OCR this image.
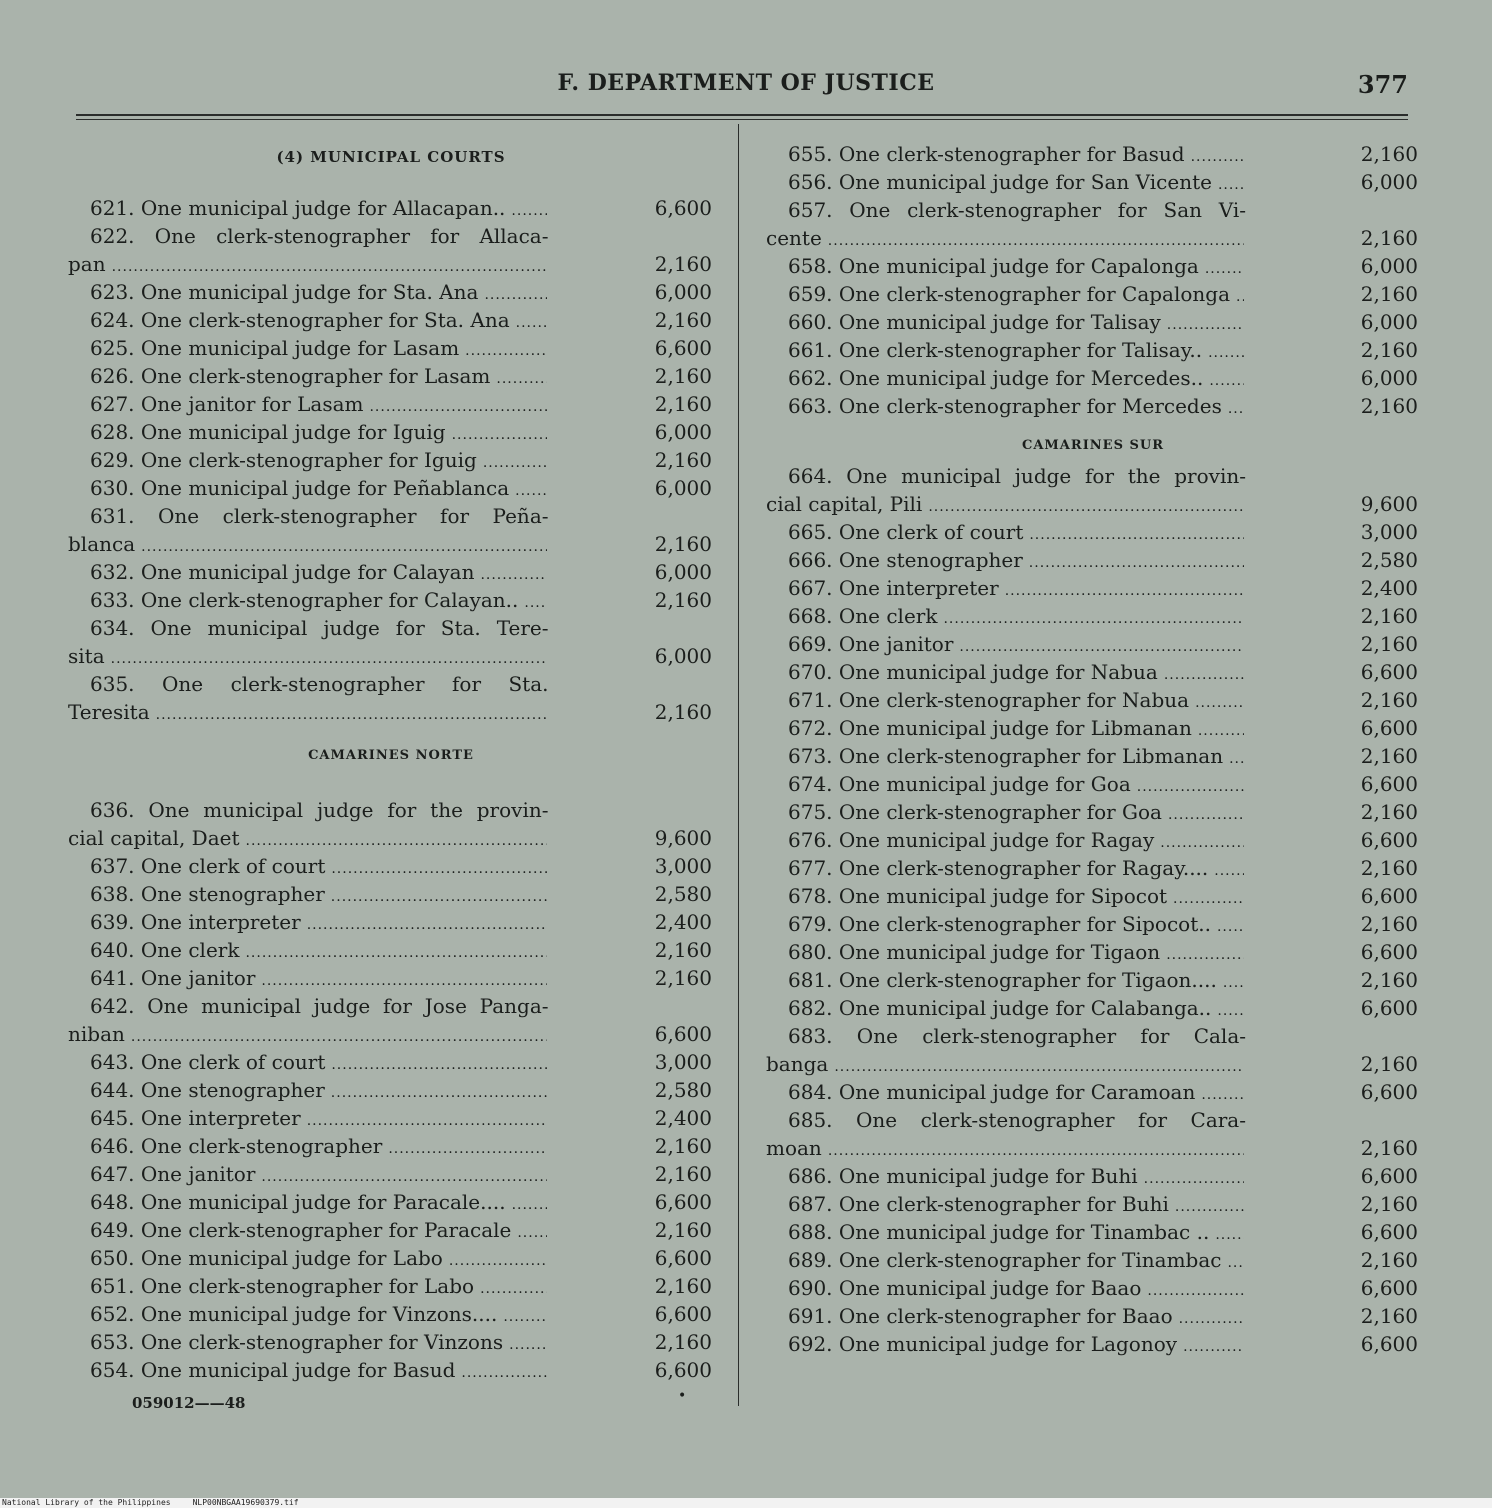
F. DEPARTMENT OF JUSTICE	377
(4) MUNICIPAL COURTS
621. One municipal judge for Allacapan.. .....	6,600
622. One clerk-stenographer for Allaca-
pan .....	2,160
623. One municipal judge for Sta. Ana .....	6,000
624. One clerk-stenographer for Sta. Ana .....	2,160
625. One municipal judge for Lasam .....	6,600
626. One clerk-stenographer for Lasam .....	2,160
627. One janitor for Lasam .....	2,160
628. One municipal judge for Iguig .....	6,000
629. One clerk-stenographer for Iguig .....	2,160
630. One municipal judge for Peñablanca .....	6,000
631. One clerk-stenographer for Peña-
blanca .....	2,160
632. One municipal judge for Calayan .....	6,000
633. One clerk-stenographer for Calayan.. .....	2,160
634. One municipal judge for Sta. Tere-
sita .....	6,000
635. One clerk-stenographer for Sta.
Teresita .....	2,160
CAMARINES NORTE
636. One municipal judge for the provin-
cial capital, Daet .....	9,600
637. One clerk of court .....	3,000
638. One stenographer .....	2,580
639. One interpreter .....	2,400
640. One clerk .....	2,160
641. One janitor .....	2,160
642. One municipal judge for Jose Panga-
niban .....	6,600
643. One clerk of court .....	3,000
644. One stenographer .....	2,580
645. One interpreter .....	2,400
646. One clerk-stenographer .....	2,160
647. One janitor .....	2,160
648. One municipal judge for Paracale.... .....	6,600
649. One clerk-stenographer for Paracale .....	2,160
650. One municipal judge for Labo .....	6,600
651. One clerk-stenographer for Labo .....	2,160
652. One municipal judge for Vinzons.... .....	6,600
653. One clerk-stenographer for Vinzons .....	2,160
654. One municipal judge for Basud .....	6,600
655. One clerk-stenographer for Basud .....	2,160
656. One municipal judge for San Vicente .....	6,000
657. One clerk-stenographer for San Vi-
cente .....	2,160
658. One municipal judge for Capalonga .....	6,000
659. One clerk-stenographer for Capalonga .....	2,160
660. One municipal judge for Talisay .....	6,000
661. One clerk-stenographer for Talisay.. .....	2,160
662. One municipal judge for Mercedes.. .....	6,000
663. One clerk-stenographer for Mercedes .....	2,160
CAMARINES SUR
664. One municipal judge for the provin-
cial capital, Pili .....	9,600
665. One clerk of court .....	3,000
666. One stenographer .....	2,580
667. One interpreter .....	2,400
668. One clerk .....	2,160
669. One janitor .....	2,160
670. One municipal judge for Nabua .....	6,600
671. One clerk-stenographer for Nabua .....	2,160
672. One municipal judge for Libmanan .....	6,600
673. One clerk-stenographer for Libmanan .....	2,160
674. One municipal judge for Goa .....	6,600
675. One clerk-stenographer for Goa .....	2,160
676. One municipal judge for Ragay .....	6,600
677. One clerk-stenographer for Ragay.... .....	2,160
678. One municipal judge for Sipocot .....	6,600
679. One clerk-stenographer for Sipocot.. .....	2,160
680. One municipal judge for Tigaon .....	6,600
681. One clerk-stenographer for Tigaon.... .....	2,160
682. One municipal judge for Calabanga.. .....	6,600
683. One clerk-stenographer for Cala-
banga .....	2,160
684. One municipal judge for Caramoan .....	6,600
685. One clerk-stenographer for Cara-
moan .....	2,160
686. One municipal judge for Buhi .....	6,600
687. One clerk-stenographer for Buhi .....	2,160
688. One municipal judge for Tinambac .. .....	6,600
689. One clerk-stenographer for Tinambac .....	2,160
690. One municipal judge for Baao .....	6,600
691. One clerk-stenographer for Baao .....	2,160
692. One municipal judge for Lagonoy .....	6,600
059012——48	•
National Library of the Philippines	NLP00NBGAA19690379.tif
